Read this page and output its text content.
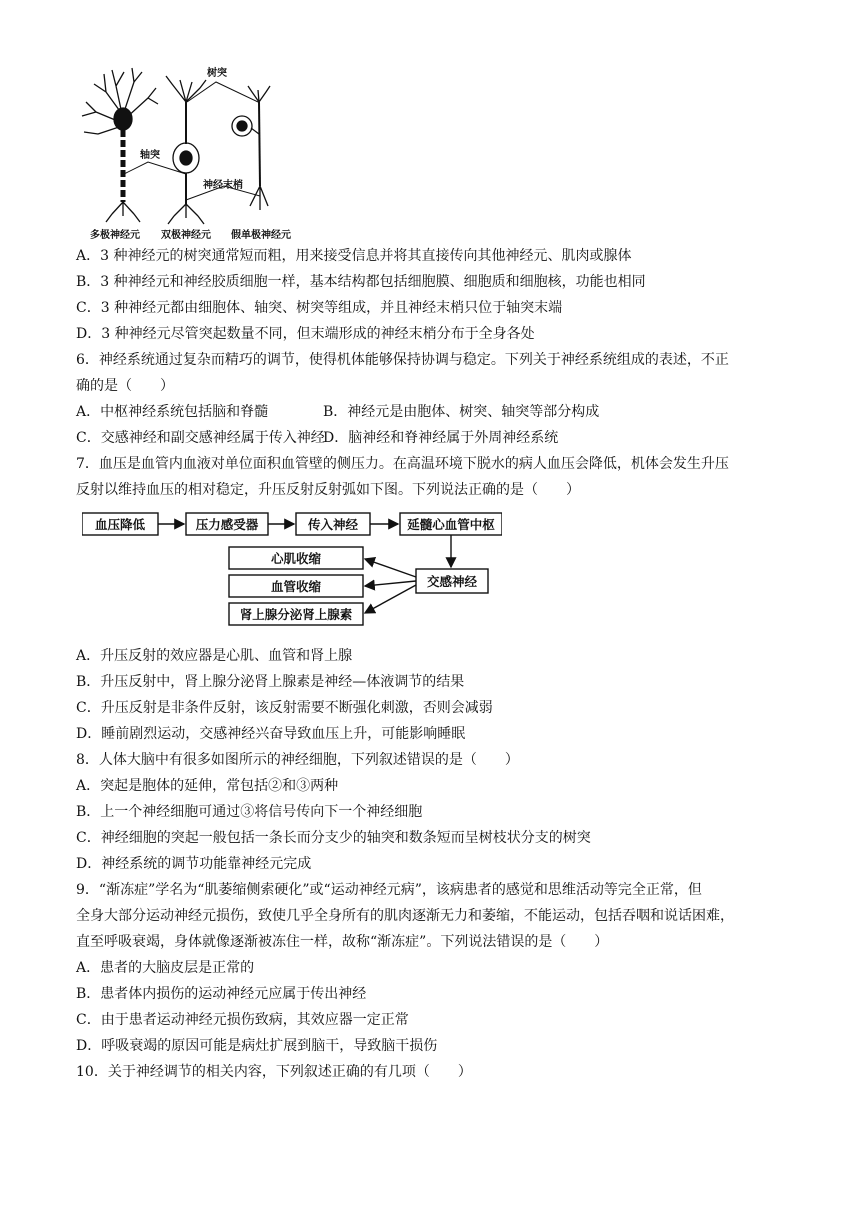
树突
轴突
神经末梢
多极神经元 双极神经元 假单极神经元
A．3 种神经元的树突通常短而粗，用来接受信息并将其直接传向其他神经元、肌肉或腺体
B．3 种神经元和神经胶质细胞一样，基本结构都包括细胞膜、细胞质和细胞核，功能也相同
C．3 种神经元都由细胞体、轴突、树突等组成，并且神经末梢只位于轴突末端
D．3 种神经元尽管突起数量不同，但末端形成的神经末梢分布于全身各处
6．神经系统通过复杂而精巧的调节，使得机体能够保持协调与稳定。下列关于神经系统组成的表述，不正
确的是（　　）
A．中枢神经系统包括脑和脊髓	B．神经元是由胞体、树突、轴突等部分构成
C．交感神经和副交感神经属于传入神经
D．脑神经和脊神经属于外周神经系统
7．血压是血管内血液对单位面积血管壁的侧压力。在高温环境下脱水的病人血压会降低，机体会发生升压
反射以维持血压的相对稳定，升压反射反射弧如下图。下列说法正确的是（　　）
血压降低	压力感受器	传入神经	延髓心血管中枢
交感神经
心肌收缩
血管收缩
肾上腺分泌肾上腺素
A．升压反射的效应器是心肌、血管和肾上腺
B．升压反射中，肾上腺分泌肾上腺素是神经—体液调节的结果
C．升压反射是非条件反射，该反射需要不断强化刺激，否则会减弱
D．睡前剧烈运动，交感神经兴奋导致血压上升，可能影响睡眠
8．人体大脑中有很多如图所示的神经细胞，下列叙述错误的是（　　）
A．突起是胞体的延伸，常包括②和③两种
B．上一个神经细胞可通过③将信号传向下一个神经细胞
C．神经细胞的突起一般包括一条长而分支少的轴突和数条短而呈树枝状分支的树突
D．神经系统的调节功能靠神经元完成
9．“渐冻症”学名为“肌萎缩侧索硬化”或“运动神经元病”，该病患者的感觉和思维活动等完全正常，但
全身大部分运动神经元损伤，致使几乎全身所有的肌肉逐渐无力和萎缩，不能运动，包括吞咽和说话困难，
直至呼吸衰竭，身体就像逐渐被冻住一样，故称“渐冻症”。下列说法错误的是（　　）
A．患者的大脑皮层是正常的
B．患者体内损伤的运动神经元应属于传出神经
C．由于患者运动神经元损伤致病，其效应器一定正常
D．呼吸衰竭的原因可能是病灶扩展到脑干，导致脑干损伤
10．关于神经调节的相关内容，下列叙述正确的有几项（　　）
